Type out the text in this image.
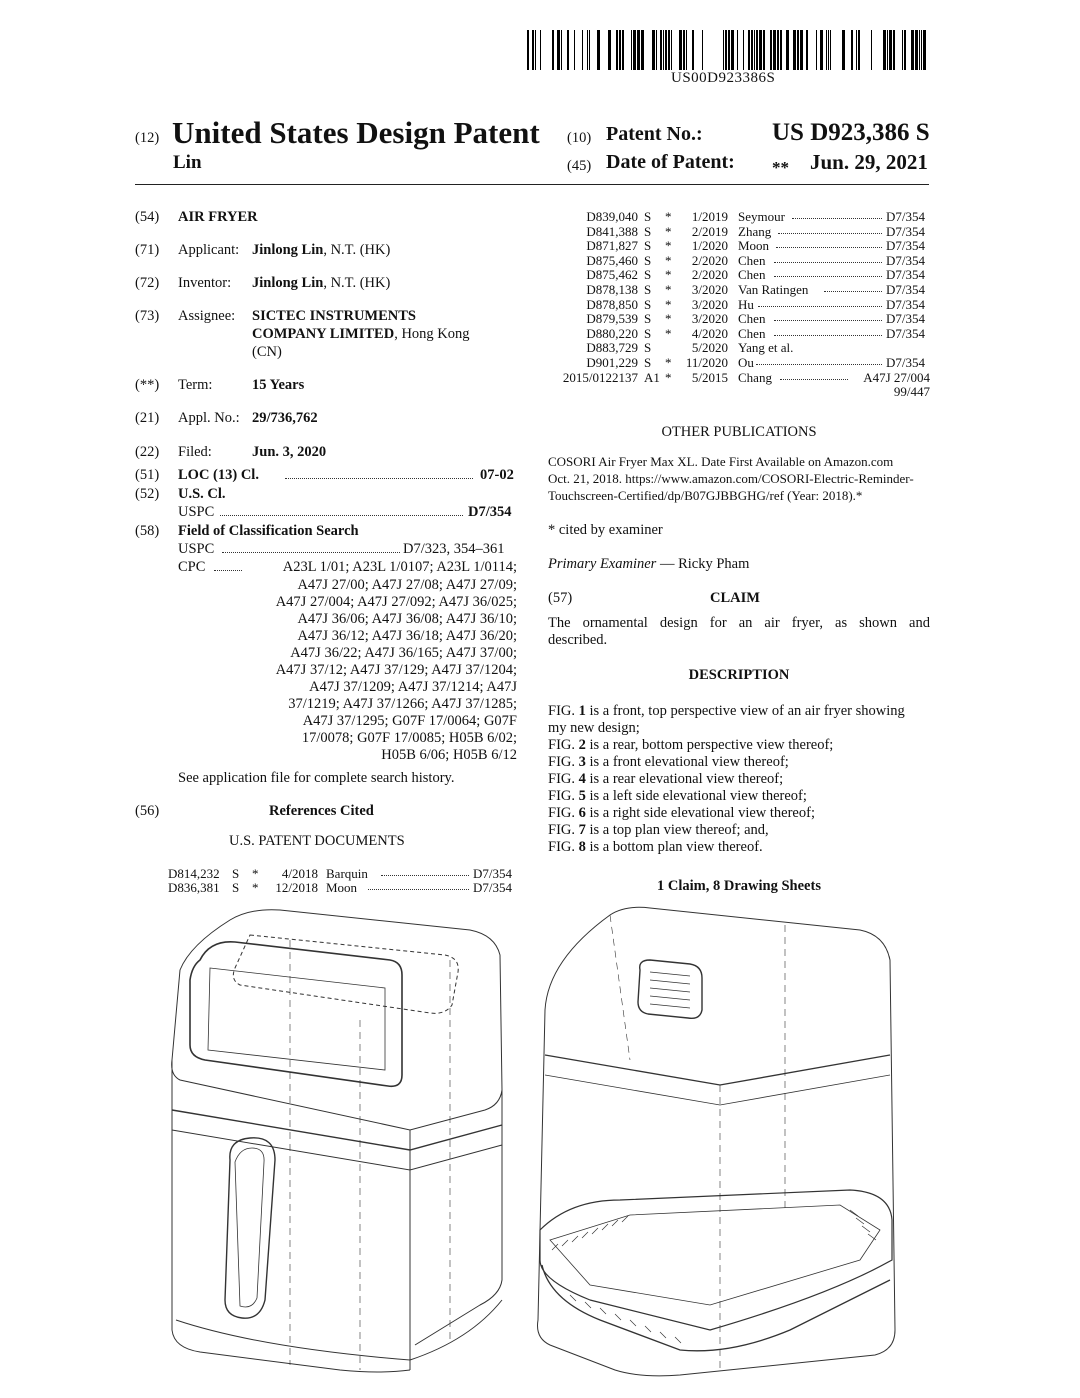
US00D923386S
(12) United States Design Patent
Lin
(10) Patent No.:	US D923,386 S
(45) Date of Patent: ** Jun. 29, 2021
(54) AIR FRYER
(71) Applicant: Jinlong Lin, N.T. (HK)
(72) Inventor: Jinlong Lin, N.T. (HK)
(73) Assignee: SICTEC INSTRUMENTS
COMPANY LIMITED, Hong Kong
(CN)
(**) Term:	15 Years
(21) Appl. No.: 29/736,762
(22) Filed:	Jun. 3, 2020
(51) LOC (13) Cl.	07-02
(52) U.S. Cl.
USPC	D7/354
(58) Field of Classification Search
USPC	D7/323, 354–361
CPC	A23L 1/01; A23L 1/0107; A23L 1/0114;
A47J 27/00; A47J 27/08; A47J 27/09;
A47J 27/004; A47J 27/092; A47J 36/025;
A47J 36/06; A47J 36/08; A47J 36/10;
A47J 36/12; A47J 36/18; A47J 36/20;
A47J 36/22; A47J 36/165; A47J 37/00;
A47J 37/12; A47J 37/129; A47J 37/1204;
A47J 37/1209; A47J 37/1214; A47J
37/1219; A47J 37/1266; A47J 37/1285;
A47J 37/1295; G07F 17/0064; G07F
17/0078; G07F 17/0085; H05B 6/02;
H05B 6/06; H05B 6/12
See application file for complete search history.
(56)	References Cited
U.S. PATENT DOCUMENTS
D814,232 S *	4/2018 Barquin	D7/354
D836,381 S *	12/2018 Moon	D7/354
D839,040 S *	1/2019 Seymour	D7/354
D841,388 S *	2/2019 Zhang	D7/354
D871,827 S *	1/2020 Moon	D7/354
D875,460 S *	2/2020 Chen	D7/354
D875,462 S *	2/2020 Chen	D7/354
D878,138 S *	3/2020 Van Ratingen	D7/354
D878,850 S *	3/2020 Hu	D7/354
D879,539 S *	3/2020 Chen	D7/354
D880,220 S *	4/2020 Chen	D7/354
D883,729 S	5/2020 Yang et al.
D901,229 S *	11/2020 Ou	D7/354
2015/0122137 A1 *	5/2015 Chang	A47J 27/004
99/447
OTHER PUBLICATIONS
COSORI Air Fryer Max XL. Date First Available on Amazon.com
Oct. 21, 2018. https://www.amazon.com/COSORI-Electric-Reminder-
Touchscreen-Certified/dp/B07GJBBGHG/ref (Year: 2018).*
* cited by examiner
Primary Examiner — Ricky Pham
(57)	CLAIM
The ornamental design for an air fryer, as shown and
described.
DESCRIPTION
FIG. 1 is a front, top perspective view of an air fryer showing
my new design;
FIG. 2 is a rear, bottom perspective view thereof;
FIG. 3 is a front elevational view thereof;
FIG. 4 is a rear elevational view thereof;
FIG. 5 is a left side elevational view thereof;
FIG. 6 is a right side elevational view thereof;
FIG. 7 is a top plan view thereof; and,
FIG. 8 is a bottom plan view thereof.
1 Claim, 8 Drawing Sheets
